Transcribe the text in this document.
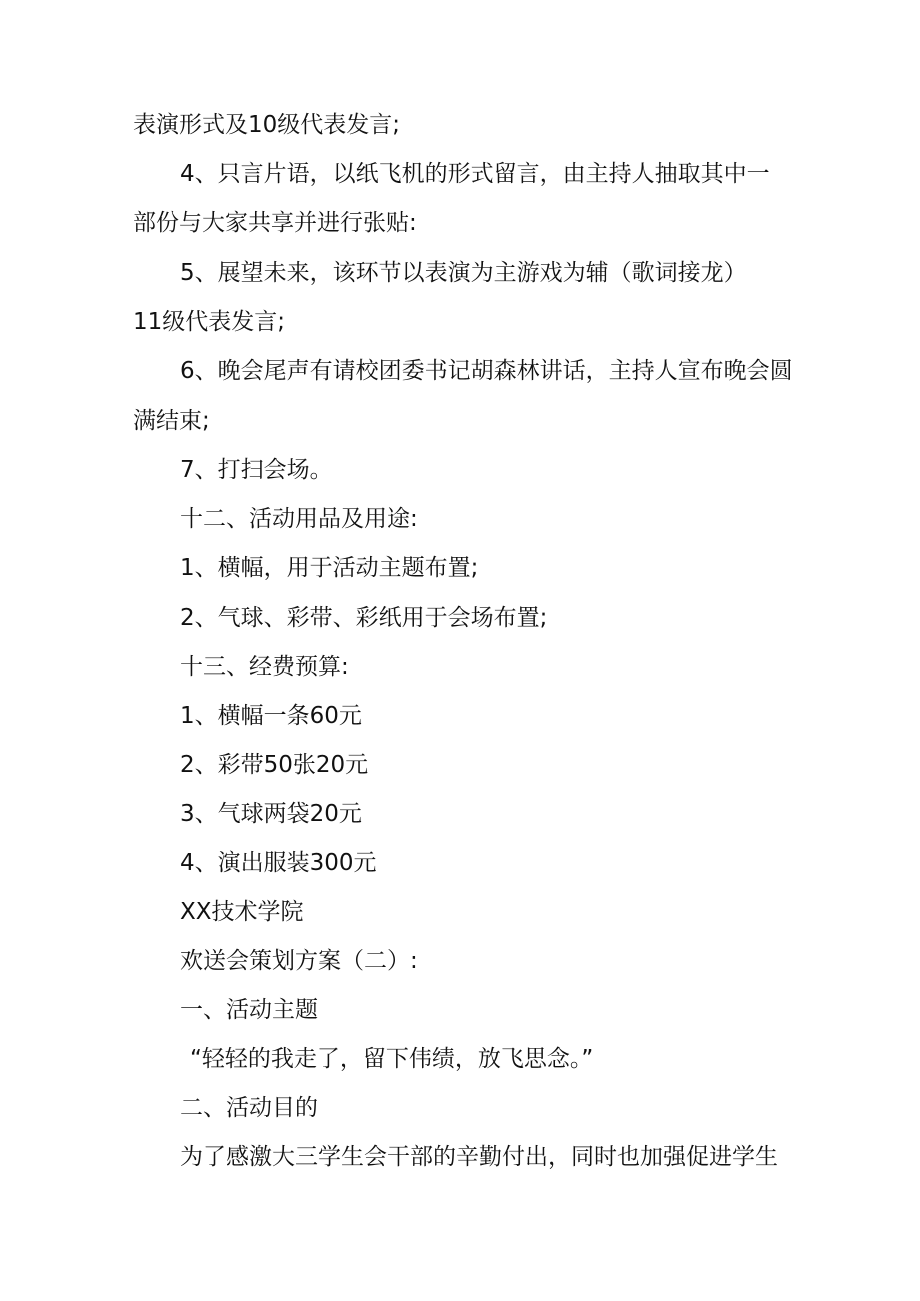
表演形式及10级代表发言;
4、只言片语，以纸飞机的形式留言，由主持人抽取其中一
部份与大家共享并进行张贴:
5、展望未来，该环节以表演为主游戏为辅（歌词接龙）
11级代表发言;
6、晚会尾声有请校团委书记胡森林讲话，主持人宣布晚会圆
满结束;
7、打扫会场。
十二、活动用品及用途:
1、横幅，用于活动主题布置;
2、气球、彩带、彩纸用于会场布置;
十三、经费预算:
1、横幅一条60元
2、彩带50张20元
3、气球两袋20元
4、演出服装300元
XX技术学院
欢送会策划方案（二）:
一、活动主题
“轻轻的我走了，留下伟绩，放飞思念。”
二、活动目的
为了感激大三学生会干部的辛勤付出，同时也加强促进学生
